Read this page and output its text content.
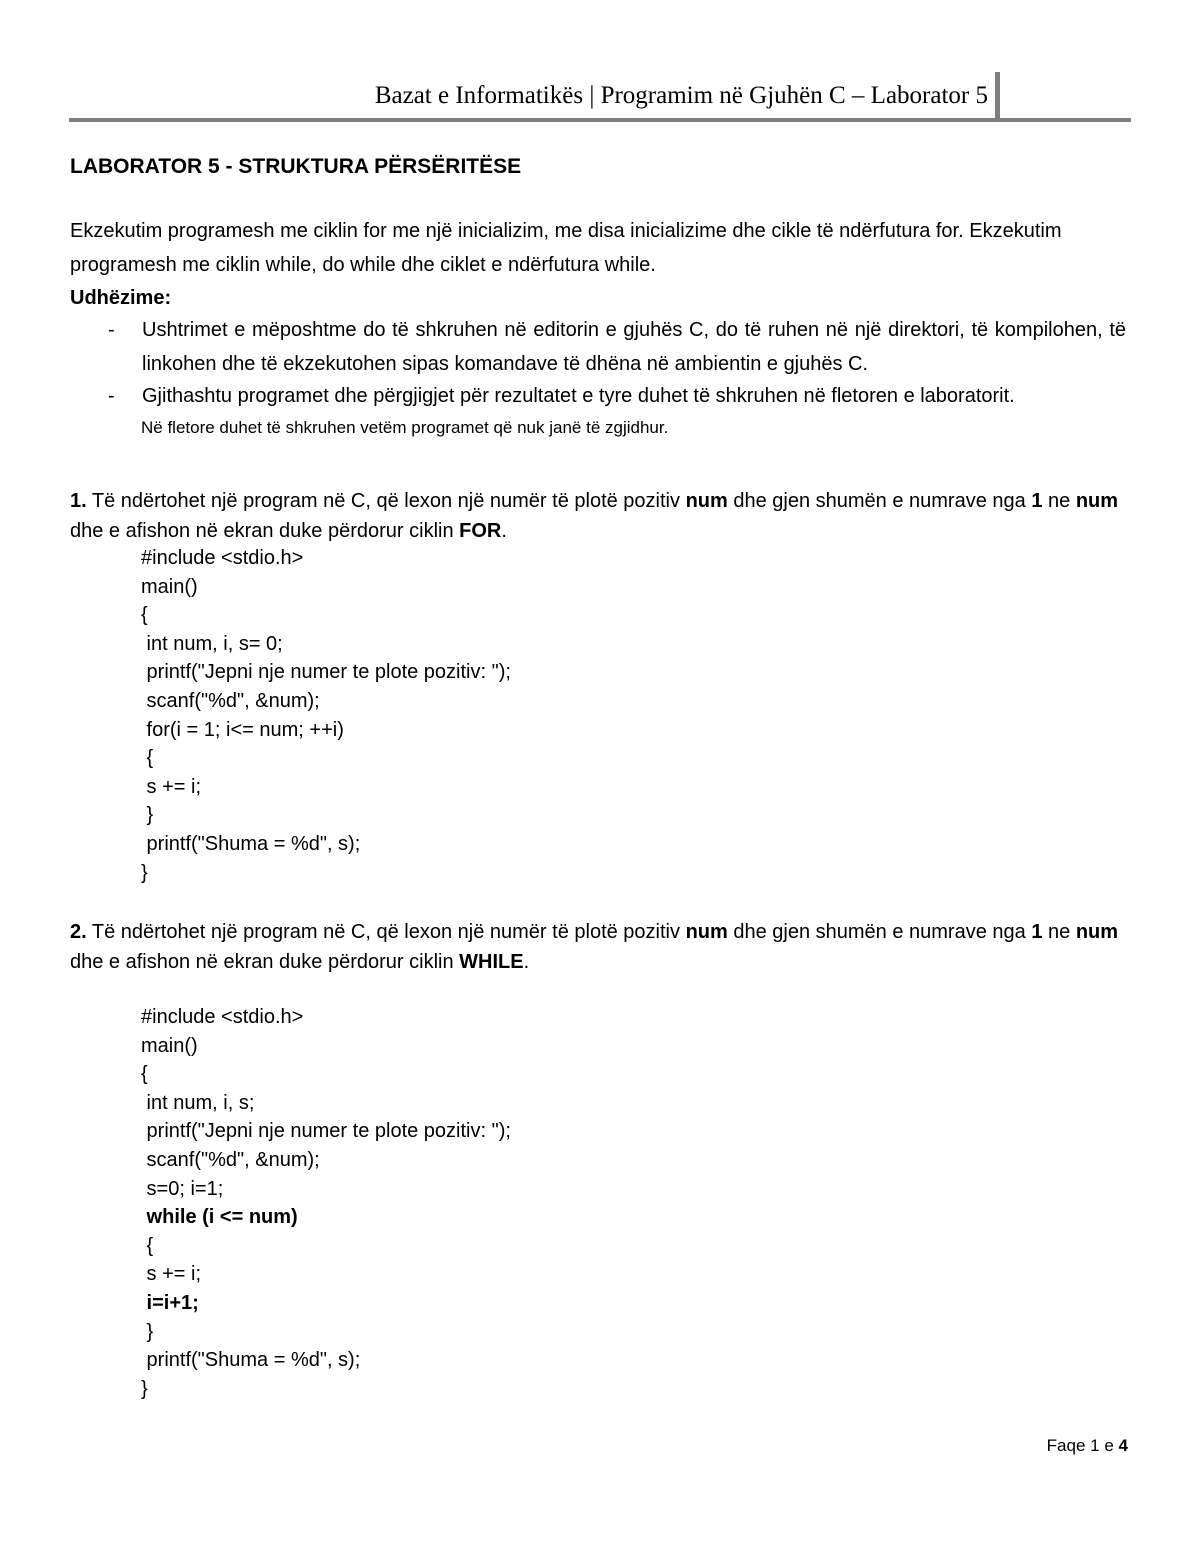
Bazat e Informatikës | Programim në Gjuhën C – Laborator 5
LABORATOR 5 - STRUKTURA PËRSËRITËSE
Ekzekutim programesh me ciklin for me një inicializim, me disa inicializime dhe cikle të ndërfutura for. Ekzekutim programesh me ciklin while, do while dhe ciklet e ndërfutura while.
Udhëzime:
- Ushtrimet e mëposhtme do të shkruhen në editorin e gjuhës C, do të ruhen në një direktori, të kompilohen, të linkohen dhe të ekzekutohen sipas komandave të dhëna në ambientin e gjuhës C.
- Gjithashtu programet dhe përgjigjet për rezultatet e tyre duhet të shkruhen në fletoren e laboratorit.
Në fletore duhet të shkruhen vetëm programet që nuk janë të zgjidhur.
1. Të ndërtohet një program në C, që lexon një numër të plotë pozitiv num dhe gjen shumën e numrave nga 1 ne num dhe e afishon në ekran duke përdorur ciklin FOR.
#include <stdio.h>
main()
{
int num, i, s= 0;
printf("Jepni nje numer te plote pozitiv: ");
scanf("%d", &num);
for(i = 1; i<= num; ++i)
{
s += i;
}
printf("Shuma = %d", s);
}
2. Të ndërtohet një program në C, që lexon një numër të plotë pozitiv num dhe gjen shumën e numrave nga 1 ne num dhe e afishon në ekran duke përdorur ciklin WHILE.
#include <stdio.h>
main()
{
int num, i, s;
printf("Jepni nje numer te plote pozitiv: ");
scanf("%d", &num);
s=0; i=1;
while (i <= num)
{
s += i;
i=i+1;
}
printf("Shuma = %d", s);
}
Faqe 1 e 4
